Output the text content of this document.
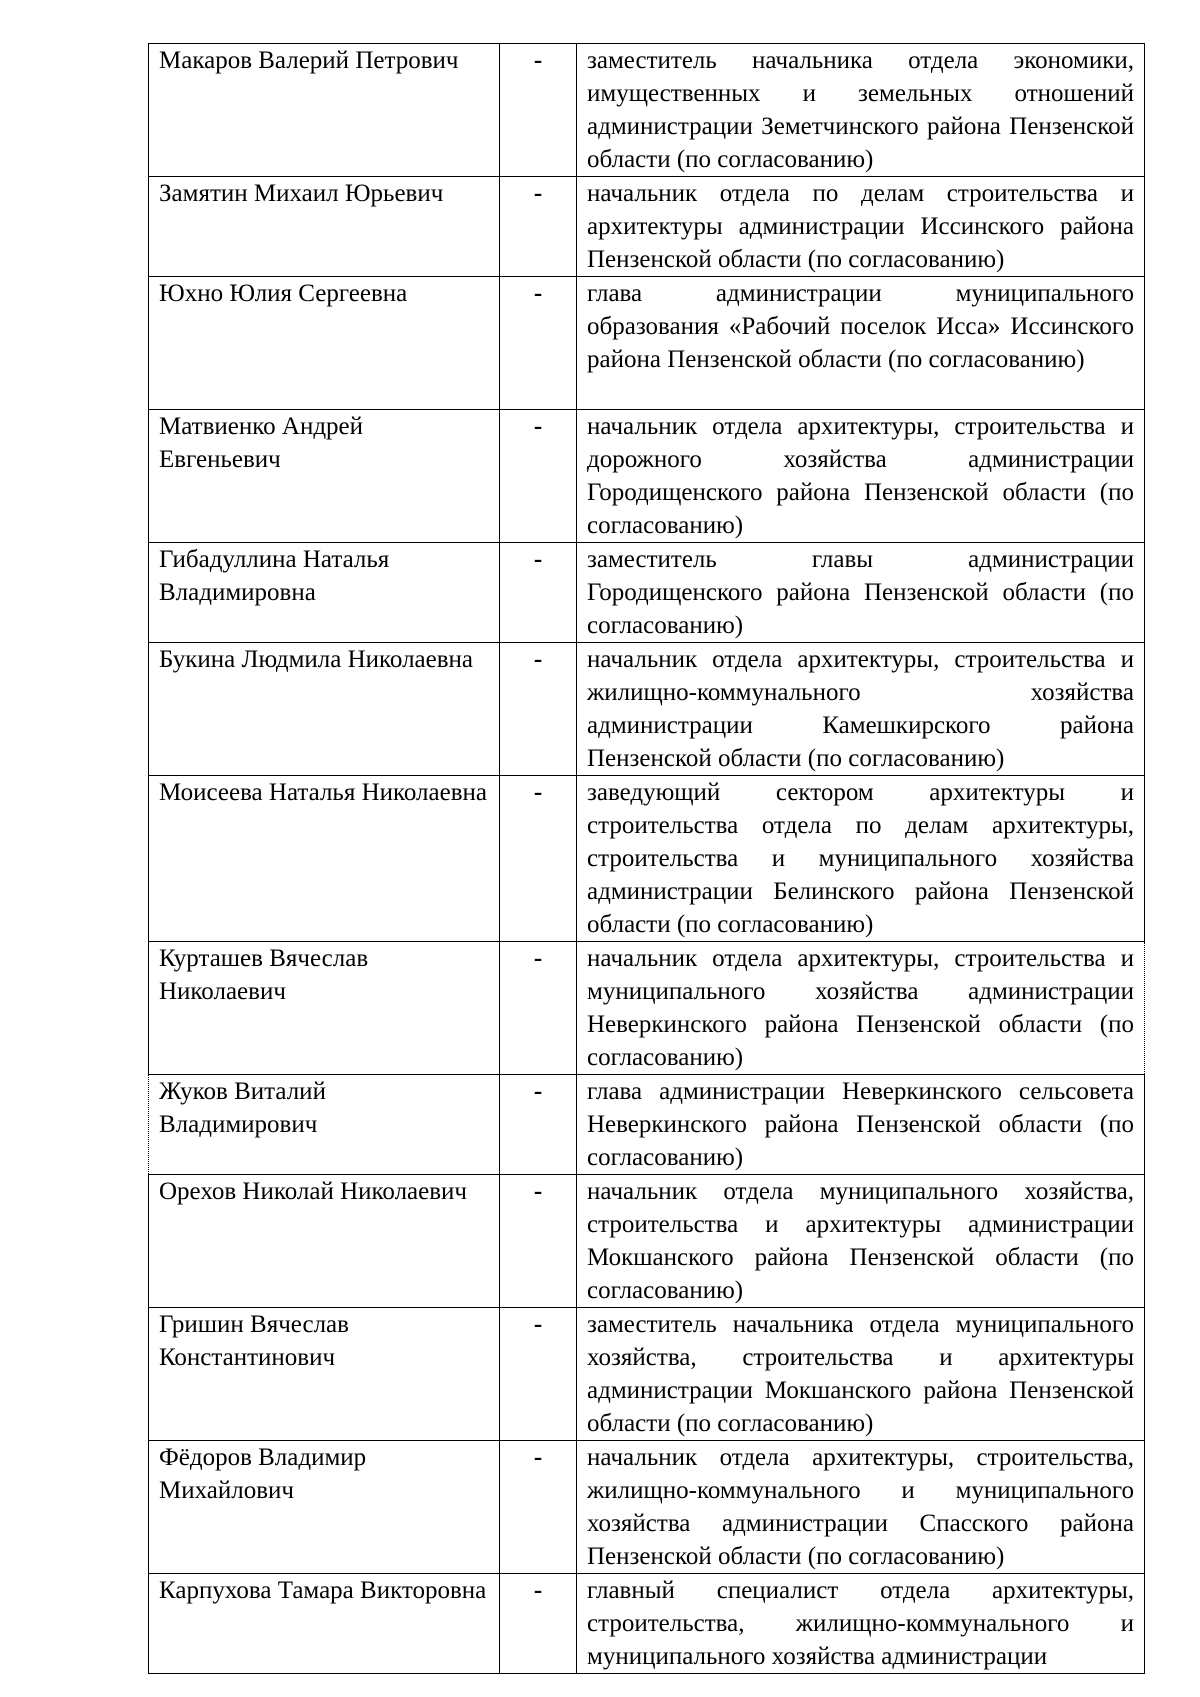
Макаров Валерий Петрович	-	заместитель начальника отдела экономики, имущественных и земельных отношений администрации Земетчинского района Пензенской области (по согласованию)
Замятин Михаил Юрьевич	-	начальник отдела по делам строительства и архитектуры администрации Иссинского района Пензенской области (по согласованию)
Юхно Юлия Сергеевна	-	глава администрации муниципального образования «Рабочий поселок Исса» Иссинского района Пензенской области (по согласованию)
Матвиенко Андрей Евгеньевич	-	начальник отдела архитектуры, строительства и дорожного хозяйства администрации Городищенского района Пензенской области (по согласованию)
Гибадуллина Наталья Владимировна	-	заместитель главы администрации Городищенского района Пензенской области (по согласованию)
Букина Людмила Николаевна	-	начальник отдела архитектуры, строительства и жилищно-коммунального хозяйства администрации Камешкирского района Пензенской области (по согласованию)
Моисеева Наталья Николаевна	-	заведующий сектором архитектуры и строительства отдела по делам архитектуры, строительства и муниципального хозяйства администрации Белинского района Пензенской области (по согласованию)
Курташев Вячеслав Николаевич	-	начальник отдела архитектуры, строительства и муниципального хозяйства администрации Неверкинского района Пензенской области (по согласованию)
Жуков Виталий Владимирович	-	глава администрации Неверкинского сельсовета Неверкинского района Пензенской области (по согласованию)
Орехов Николай Николаевич	-	начальник отдела муниципального хозяйства, строительства и архитектуры администрации Мокшанского района Пензенской области (по согласованию)
Гришин Вячеслав Константинович	-	заместитель начальника отдела муниципального хозяйства, строительства и архитектуры администрации Мокшанского района Пензенской области (по согласованию)
Фёдоров Владимир Михайлович	-	начальник отдела архитектуры, строительства, жилищно-коммунального и муниципального хозяйства администрации Спасского района Пензенской области (по согласованию)
Карпухова Тамара Викторовна	-	главный специалист отдела архитектуры, строительства, жилищно-коммунального и муниципального хозяйства администрации
